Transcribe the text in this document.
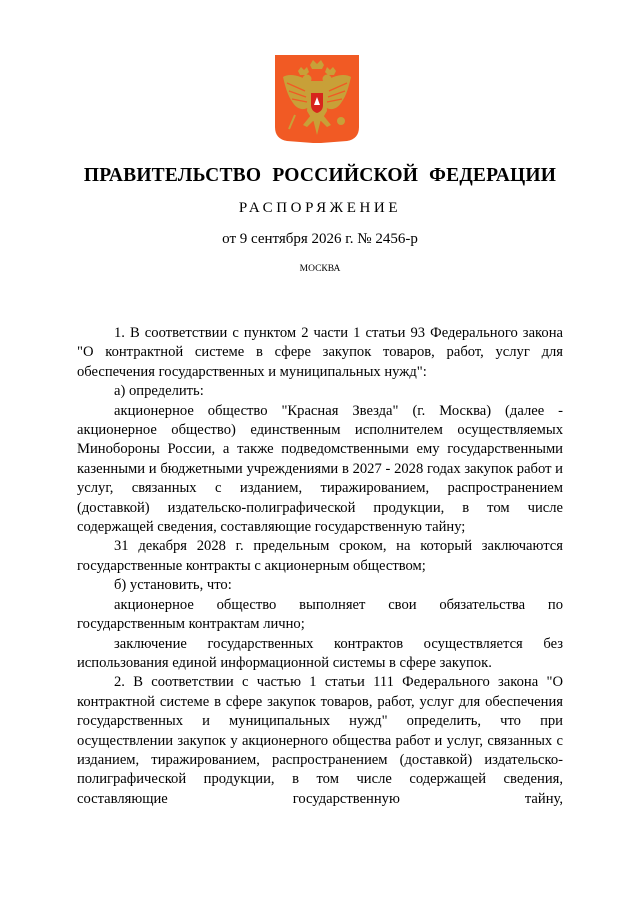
ПРАВИТЕЛЬСТВО РОССИЙСКОЙ ФЕДЕРАЦИИ
РАСПОРЯЖЕНИЕ
от 9 сентября 2026 г. № 2456-р
МОСКВА

1. В соответствии с пунктом 2 части 1 статьи 93 Федерального закона "О контрактной системе в сфере закупок товаров, работ, услуг для обеспечения государственных и муниципальных нужд":

а) определить:

акционерное общество "Красная Звезда" (г. Москва) (далее - акционерное общество) единственным исполнителем осуществляемых Минобороны России, а также подведомственными ему государственными казенными и бюджетными учреждениями в 2027 - 2028 годах закупок работ и услуг, связанных с изданием, тиражированием, распространением (доставкой) издательско-полиграфической продукции, в том числе содержащей сведения, составляющие государственную тайну;

31 декабря 2028 г. предельным сроком, на который заключаются государственные контракты с акционерным обществом;

б) установить, что:

акционерное общество выполняет свои обязательства по государственным контрактам лично;

заключение государственных контрактов осуществляется без использования единой информационной системы в сфере закупок.

2. В соответствии с частью 1 статьи 111 Федерального закона "О контрактной системе в сфере закупок товаров, работ, услуг для обеспечения государственных и муниципальных нужд" определить, что при осуществлении закупок у акционерного общества работ и услуг, связанных с изданием, тиражированием, распространением (доставкой) издательско-полиграфической продукции, в том числе содержащей сведения, составляющие государственную тайну,
